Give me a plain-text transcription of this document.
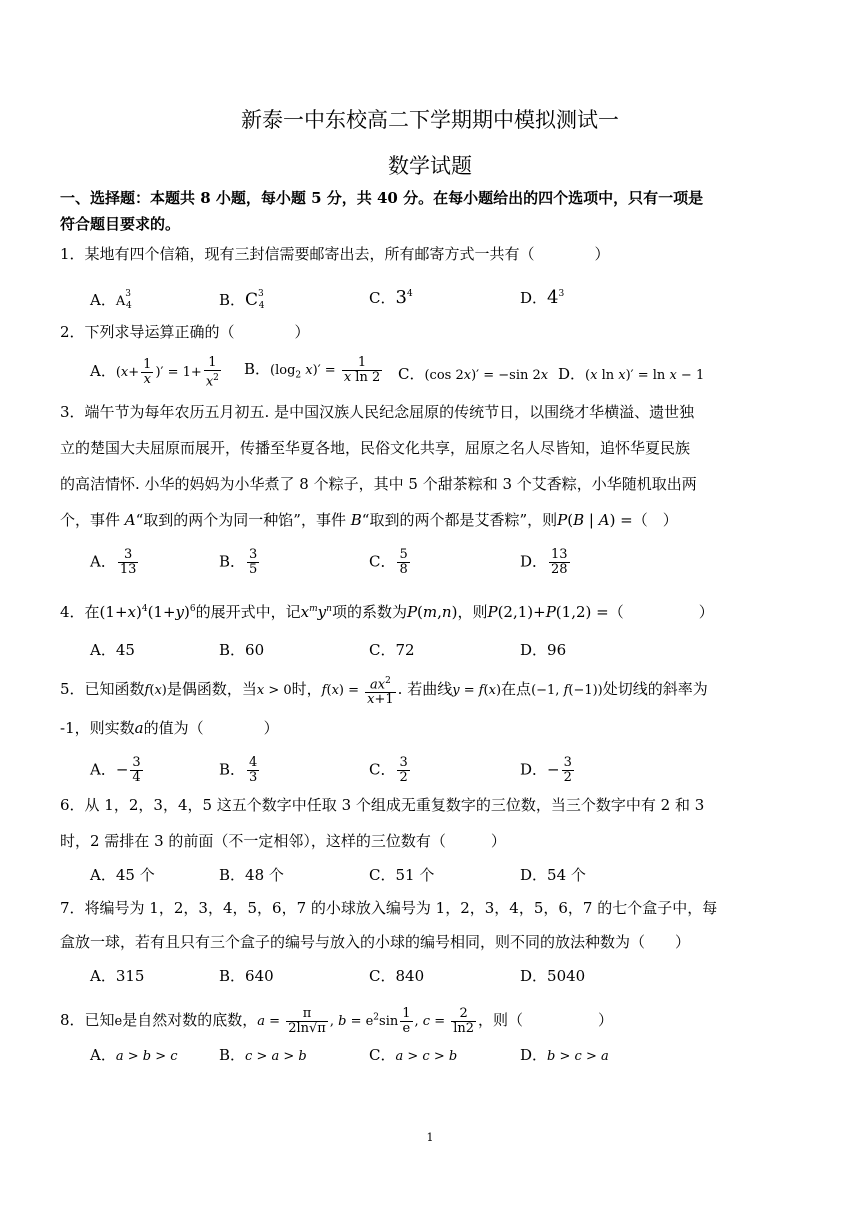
新泰一中东校高二下学期期中模拟测试一
数学试题
一、选择题：本题共 8 小题，每小题 5 分，共 40 分。在每小题给出的四个选项中，只有一项是
符合题目要求的。
1．某地有四个信箱，现有三封信需要邮寄出去，所有邮寄方式一共有（　　　　）
A．$A^3_4$	B．$C^3_4$	C．$3^4$	D．$4^3$
2．下列求导运算正确的（　　　　）
A．($x+ \frac{1}{x}$ )′ = $1+ \frac{1}{x^2}$ B．($\log_2$ $x)' = \frac{1}{\text{x ln 2}}$ C．(cos 2x)′ = −sin 2x D．(x ln x)′ = ln x − 1
3．端午节为每年农历五月初五. 是中国汉族人民纪念屈原的传统节日，以围绕才华横溢、遗世独
立的楚国大夫屈原而展开，传播至华夏各地，民俗文化共享，屈原之名人尽皆知，追怀华夏民族
的高洁情怀. 小华的妈妈为小华煮了 8 个粽子，其中 5 个甜茶粽和 3 个艾香粽，小华随机取出两
个，事件 A“取到的两个为同一种馅”，事件 B“取到的两个都是艾香粽”，则P(B | A) =（　）
A． $\frac{3}{13}$	B． $\frac{3}{5}$	C． $\frac{5}{8}$	D． $\frac{13}{28}$
4．在$(1+x)^4(1+y)^6$的展开式中，记$x^my^n$项的系数为P(m,n)，则P(2,1)+P(1,2) =（　　　　　）
A．45	B．60	C．72	D．96
5．已知函数f(x)是偶函数，当x > 0时，$f(x) = \frac{ax^2}{x+1}$ . 若曲线y = f(x)在点(−1, f(−1))处切线的斜率为
-1，则实数a的值为（　　　　）
A．− $\frac{3}{4}$	B． $\frac{4}{3}$	C． $\frac{3}{2}$	D．− $\frac{3}{2}$
6．从 1，2，3，4，5 这五个数字中任取 3 个组成无重复数字的三位数，当三个数字中有 2 和 3
时，2 需排在 3 的前面（不一定相邻），这样的三位数有（　　　）
A．45 个	B．48 个	C．51 个	D．54 个
7．将编号为 1，2，3，4，5，6，7 的小球放入编号为 1，2，3，4，5，6，7 的七个盒子中，每
盒放一球，若有且只有三个盒子的编号与放入的小球的编号相同，则不同的放法种数为（　　）
A．315	B．640	C．840	D．5040
8．已知e是自然对数的底数，$a = \frac{\pi}{2\ln√\pi}$ , $b = e^2\sin \frac{1}{e}$ , $c = \frac{2}{\ln 2}$ ，则（　　　　　）
A．a > b > c	B．c > a > b	C．a > c > b	D．b > c > a
1
